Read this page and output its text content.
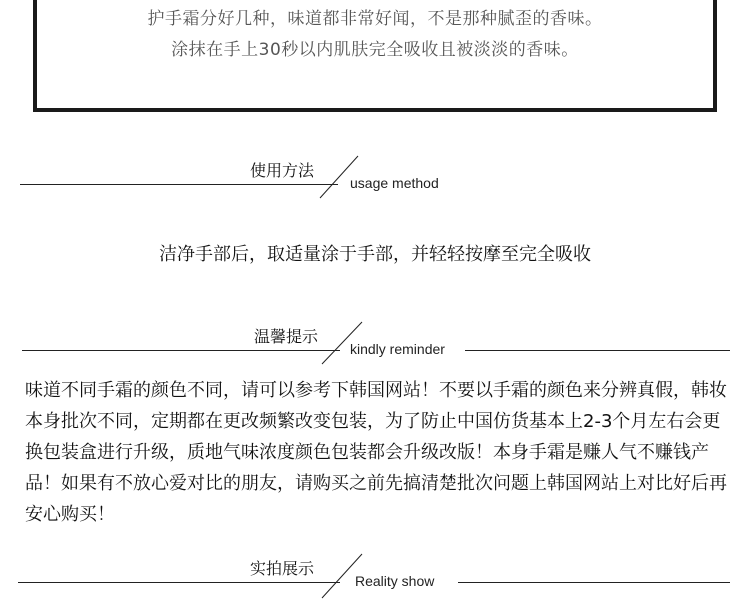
护手霜分好几种，味道都非常好闻，不是那种腻歪的香味。
涂抹在手上30秒以内肌肤完全吸收且被淡淡的香味。
使用方法
usage method
洁净手部后，取适量涂于手部，并轻轻按摩至完全吸收
温馨提示
kindly reminder
味道不同手霜的颜色不同，请可以参考下韩国网站！不要以手霜的颜色来分辨真假，韩妆本身批次不同，定期都在更改频繁改变包装，为了防止中国仿货基本上2-3个月左右会更换包装盒进行升级，质地气味浓度颜色包装都会升级改版！本身手霜是赚人气不赚钱产品！如果有不放心爱对比的朋友，请购买之前先搞清楚批次问题上韩国网站上对比好后再安心购买！
实拍展示
Reality show
